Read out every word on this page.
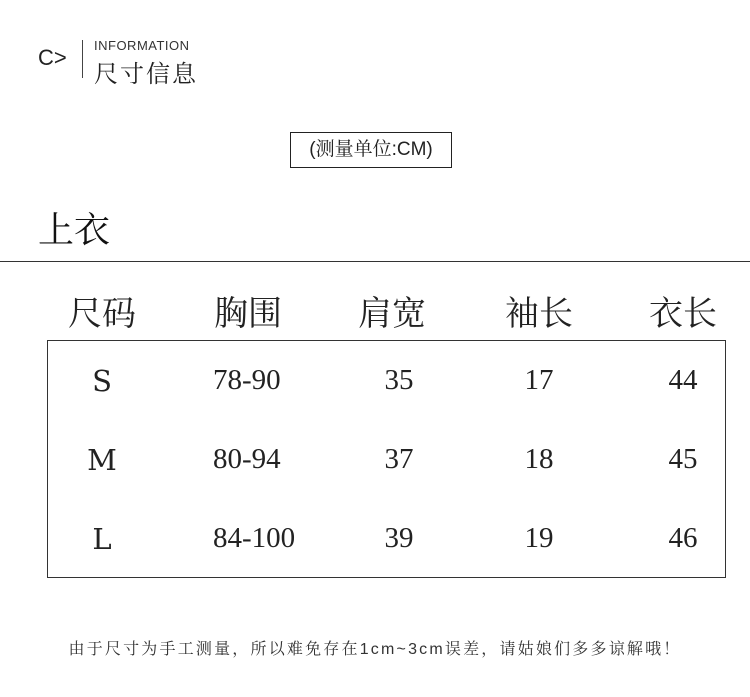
C> INFORMATION
尺寸信息
(测量单位:CM)
上衣
尺码	胸围	肩宽	袖长	衣长
S	78-90	35	17	44
M	80-94	37	18	45
L	84-100	39	19	46
由于尺寸为手工测量，所以难免存在1cm~3cm误差，请姑娘们多多谅解哦！
